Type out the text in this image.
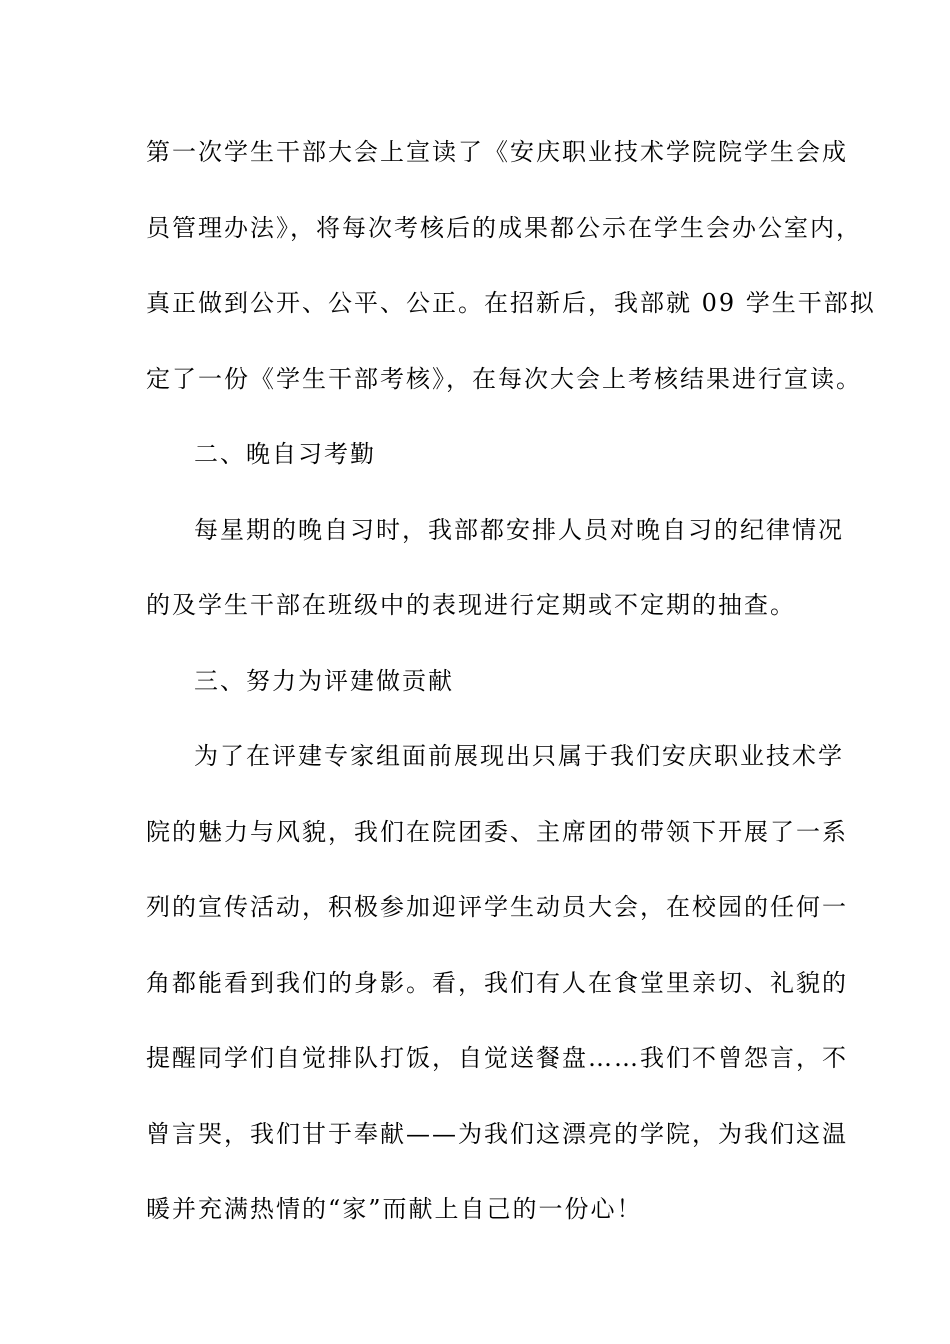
第一次学生干部大会上宣读了《安庆职业技术学院院学生会成
员管理办法》，将每次考核后的成果都公示在学生会办公室内，
真正做到公开、公平、公正。在招新后，我部就 09 学生干部拟
定了一份《学生干部考核》，在每次大会上考核结果进行宣读。
二、晚自习考勤
每星期的晚自习时，我部都安排人员对晚自习的纪律情况
的及学生干部在班级中的表现进行定期或不定期的抽查。
三、努力为评建做贡献
为了在评建专家组面前展现出只属于我们安庆职业技术学
院的魅力与风貌，我们在院团委、主席团的带领下开展了一系
列的宣传活动，积极参加迎评学生动员大会，在校园的任何一
角都能看到我们的身影。看，我们有人在食堂里亲切、礼貌的
提醒同学们自觉排队打饭，自觉送餐盘……我们不曾怨言，不
曾言哭，我们甘于奉献——为我们这漂亮的学院，为我们这温
暖并充满热情的“家”而献上自己的一份心！
